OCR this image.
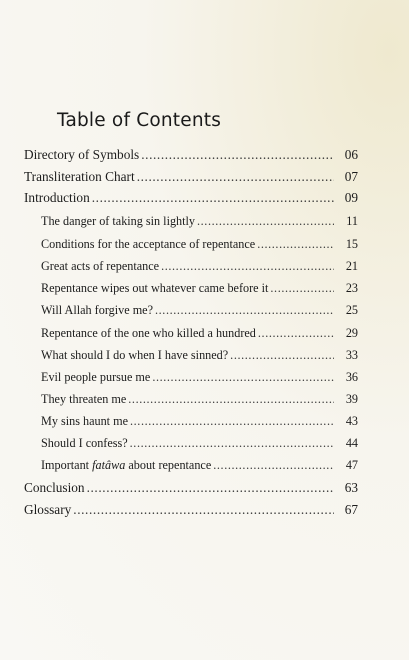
Table of Contents
Directory of Symbols .....	06
Transliteration Chart .....	07
Introduction .....	09
The danger of taking sin lightly .....	11
Conditions for the acceptance of repentance .....	15
Great acts of repentance .....	21
Repentance wipes out whatever came before it .....	23
Will Allah forgive me? .....	25
Repentance of the one who killed a hundred .....	29
What should I do when I have sinned? .....	33
Evil people pursue me .....	36
They threaten me .....	39
My sins haunt me .....	43
Should I confess? .....	44
Important fatâwa about repentance .....	47
Conclusion .....	63
Glossary .....	67
